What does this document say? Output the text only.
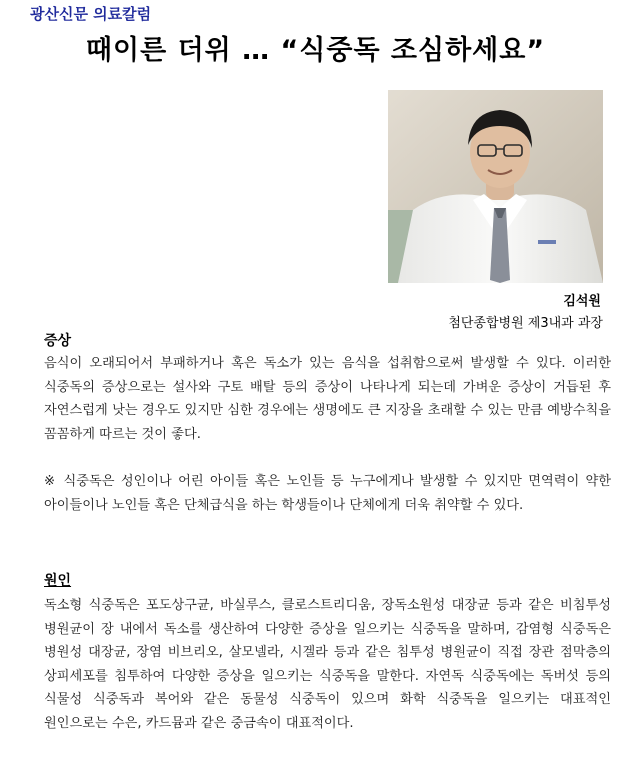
광산신문 의료칼럼
때이른 더위 … “식중독 조심하세요”
김석원
첨단종합병원 제3내과 과장
증상

음식이 오래되어서 부패하거나 혹은 독소가 있는 음식을 섭취함으로써 발생할 수 있다. 이러한 식중독의 증상으로는 설사와 구토 배탈 등의 증상이 나타나게 되는데 가벼운 증상이 거듭된 후 자연스럽게 낫는 경우도 있지만 심한 경우에는 생명에도 큰 지장을 초래할 수 있는 만큼 예방수칙을 꼼꼼하게 따르는 것이 좋다.

※ 식중독은 성인이나 어린 아이들 혹은 노인들 등 누구에게나 발생할 수 있지만 면역력이 약한 아이들이나 노인들 혹은 단체급식을 하는 학생들이나 단체에게 더욱 취약할 수 있다.

원인

독소형 식중독은 포도상구균, 바실루스, 클로스트리디움, 장독소원성 대장균 등과 같은 비침투성 병원균이 장 내에서 독소를 생산하여 다양한 증상을 일으키는 식중독을 말하며, 감염형 식중독은 병원성 대장균, 장염 비브리오, 살모넬라, 시겔라 등과 같은 침투성 병원균이 직접 장관 점막층의 상피세포를 침투하여 다양한 증상을 일으키는 식중독을 말한다. 자연독 식중독에는 독버섯 등의 식물성 식중독과 복어와 같은 동물성 식중독이 있으며 화학 식중독을 일으키는 대표적인 원인으로는 수은, 카드뮴과 같은 중금속이 대표적이다.
